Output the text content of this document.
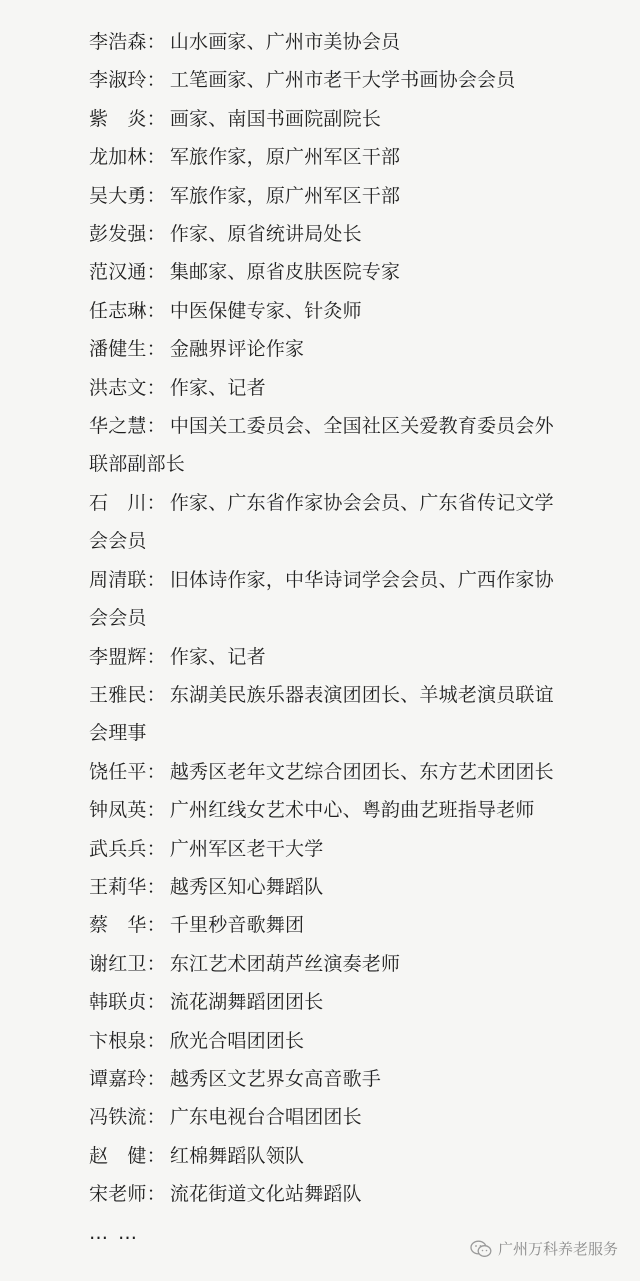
李浩森： 山水画家、广州市美协会员
李淑玲： 工笔画家、广州市老干大学书画协会会员
紫　炎： 画家、南国书画院副院长
龙加林： 军旅作家，原广州军区干部
吴大勇： 军旅作家，原广州军区干部
彭发强： 作家、原省统讲局处长
范汉通： 集邮家、原省皮肤医院专家
任志琳： 中医保健专家、针灸师
潘健生： 金融界评论作家
洪志文： 作家、记者
华之慧： 中国关工委员会、全国社区关爱教育委员会外联部副部长
石　川： 作家、广东省作家协会会员、广东省传记文学会会员
周清联： 旧体诗作家，中华诗词学会会员、广西作家协会会员
李盟辉： 作家、记者
王雅民： 东湖美民族乐器表演团团长、羊城老演员联谊会理事
饶任平： 越秀区老年文艺综合团团长、东方艺术团团长
钟凤英： 广州红线女艺术中心、粤韵曲艺班指导老师
武兵兵： 广州军区老干大学
王莉华： 越秀区知心舞蹈队
蔡　华： 千里秒音歌舞团
谢红卫： 东江艺术团葫芦丝演奏老师
韩联贞： 流花湖舞蹈团团长
卞根泉： 欣光合唱团团长
谭嘉玲： 越秀区文艺界女高音歌手
冯铁流： 广东电视台合唱团团长
赵　健： 红棉舞蹈队领队
宋老师： 流花街道文化站舞蹈队
… …
广州万科养老服务
